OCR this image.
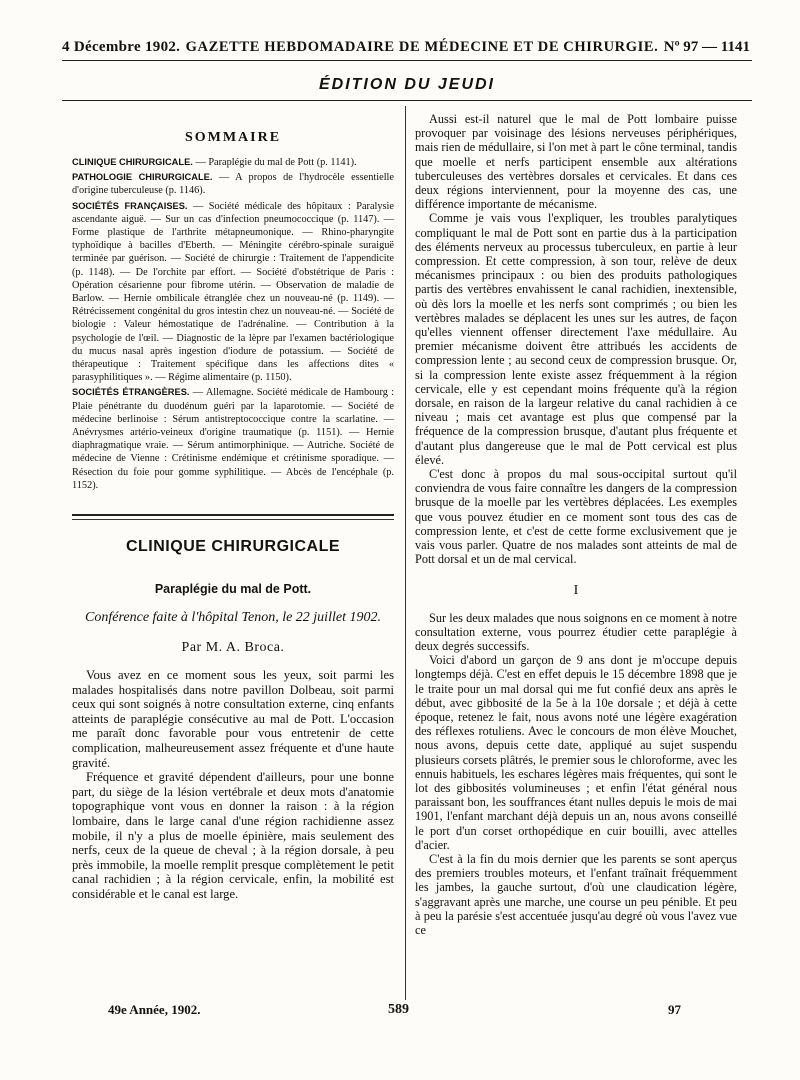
4 Décembre 1902. GAZETTE HEBDOMADAIRE DE MÉDECINE ET DE CHIRURGIE. Nº 97 — 1141
ÉDITION DU JEUDI
SOMMAIRE

CLINIQUE CHIRURGICALE. — Paraplégie du mal de Pott (p. 1141).

PATHOLOGIE CHIRURGICALE. — A propos de l'hydrocèle essentielle d'origine tuberculeuse (p. 1146).

SOCIÉTÉS FRANÇAISES. — Société médicale des hôpitaux : Paralysie ascendante aiguë. — Sur un cas d'infection pneumococcique (p. 1147). — Forme plastique de l'arthrite métapneumonique. — Rhino-pharyngite typhoïdique à bacilles d'Eberth. — Méningite cérébro-spinale suraiguë terminée par guérison. — Société de chirurgie : Traitement de l'appendicite (p. 1148). — De l'orchite par effort. — Société d'obstétrique de Paris : Opération césarienne pour fibrome utérin. — Observation de maladie de Barlow. — Hernie ombilicale étranglée chez un nouveau-né (p. 1149). — Rétrécissement congénital du gros intestin chez un nouveau-né. — Société de biologie : Valeur hémostatique de l'adrénaline. — Contribution à la psychologie de l'œil. — Diagnostic de la lèpre par l'examen bactériologique du mucus nasal après ingestion d'iodure de potassium. — Société de thérapeutique : Traitement spécifique dans les affections dites « parasyphilitiques ». — Régime alimentaire (p. 1150).

SOCIÉTÉS ÉTRANGÈRES. — Allemagne. Société médicale de Hambourg : Plaie pénétrante du duodénum guéri par la laparotomie. — Société de médecine berlinoise : Sérum antistreptococcique contre la scarlatine. — Anévrysmes artério-veineux d'origine traumatique (p. 1151). — Hernie diaphragmatique vraie. — Sérum antimorphinique. — Autriche. Société de médecine de Vienne : Crétinisme endémique et crétinisme sporadique. — Résection du foie pour gomme syphilitique. — Abcès de l'encéphale (p. 1152).

CLINIQUE CHIRURGICALE
Paraplégie du mal de Pott.
Conférence faite à l'hôpital Tenon, le 22 juillet 1902.
Par M. A. Broca.

Vous avez en ce moment sous les yeux, soit parmi les malades hospitalisés dans notre pavillon Dolbeau, soit parmi ceux qui sont soignés à notre consultation externe, cinq enfants atteints de paraplégie consécutive au mal de Pott. L'occasion me paraît donc favorable pour vous entretenir de cette complication, malheureusement assez fréquente et d'une haute gravité.

Fréquence et gravité dépendent d'ailleurs, pour une bonne part, du siège de la lésion vertébrale et deux mots d'anatomie topographique vont vous en donner la raison : à la région lombaire, dans le large canal d'une région rachidienne assez mobile, il n'y a plus de moelle épinière, mais seulement des nerfs, ceux de la queue de cheval ; à la région dorsale, à peu près immobile, la moelle remplit presque complètement le petit canal rachidien ; à la région cervicale, enfin, la mobilité est considérable et le canal est large.

Aussi est-il naturel que le mal de Pott lombaire puisse provoquer par voisinage des lésions nerveuses périphériques, mais rien de médullaire, si l'on met à part le cône terminal, tandis que moelle et nerfs participent ensemble aux altérations tuberculeuses des vertèbres dorsales et cervicales. Et dans ces deux régions interviennent, pour la moyenne des cas, une différence importante de mécanisme.

Comme je vais vous l'expliquer, les troubles paralytiques compliquant le mal de Pott sont en partie dus à la participation des éléments nerveux au processus tuberculeux, en partie à leur compression. Et cette compression, à son tour, relève de deux mécanismes principaux : ou bien des produits pathologiques partis des vertèbres envahissent le canal rachidien, inextensible, où dès lors la moelle et les nerfs sont comprimés ; ou bien les vertèbres malades se déplacent les unes sur les autres, de façon qu'elles viennent offenser directement l'axe médullaire. Au premier mécanisme doivent être attribués les accidents de compression lente ; au second ceux de compression brusque. Or, si la compression lente existe assez fréquemment à la région cervicale, elle y est cependant moins fréquente qu'à la région dorsale, en raison de la largeur relative du canal rachidien à ce niveau ; mais cet avantage est plus que compensé par la fréquence de la compression brusque, d'autant plus fréquente et d'autant plus dangereuse que le mal de Pott cervical est plus élevé.

C'est donc à propos du mal sous-occipital surtout qu'il conviendra de vous faire connaître les dangers de la compression brusque de la moelle par les vertèbres déplacées. Les exemples que vous pouvez étudier en ce moment sont tous des cas de compression lente, et c'est de cette forme exclusivement que je vais vous parler. Quatre de nos malades sont atteints de mal de Pott dorsal et un de mal cervical.

I

Sur les deux malades que nous soignons en ce moment à notre consultation externe, vous pourrez étudier cette paraplégie à deux degrés successifs.

Voici d'abord un garçon de 9 ans dont je m'occupe depuis longtemps déjà. C'est en effet depuis le 15 décembre 1898 que je le traite pour un mal dorsal qui me fut confié deux ans après le début, avec gibbosité de la 5e à la 10e dorsale ; et déjà à cette époque, retenez le fait, nous avons noté une légère exagération des réflexes rotuliens. Avec le concours de mon élève Mouchet, nous avons, depuis cette date, appliqué au sujet suspendu plusieurs corsets plâtrés, le premier sous le chloroforme, avec les ennuis habituels, les eschares légères mais fréquentes, qui sont le lot des gibbosités volumineuses ; et enfin l'état général nous paraissant bon, les souffrances étant nulles depuis le mois de mai 1901, l'enfant marchant déjà depuis un an, nous avons conseillé le port d'un corset orthopédique en cuir bouilli, avec attelles d'acier.

C'est à la fin du mois dernier que les parents se sont aperçus des premiers troubles moteurs, et l'enfant traînait fréquemment les jambes, la gauche surtout, d'où une claudication légère, s'aggravant après une marche, une course un peu pénible. Et peu à peu la parésie s'est accentuée jusqu'au degré où vous l'avez vue ce

49e Année, 1902.	589	97
